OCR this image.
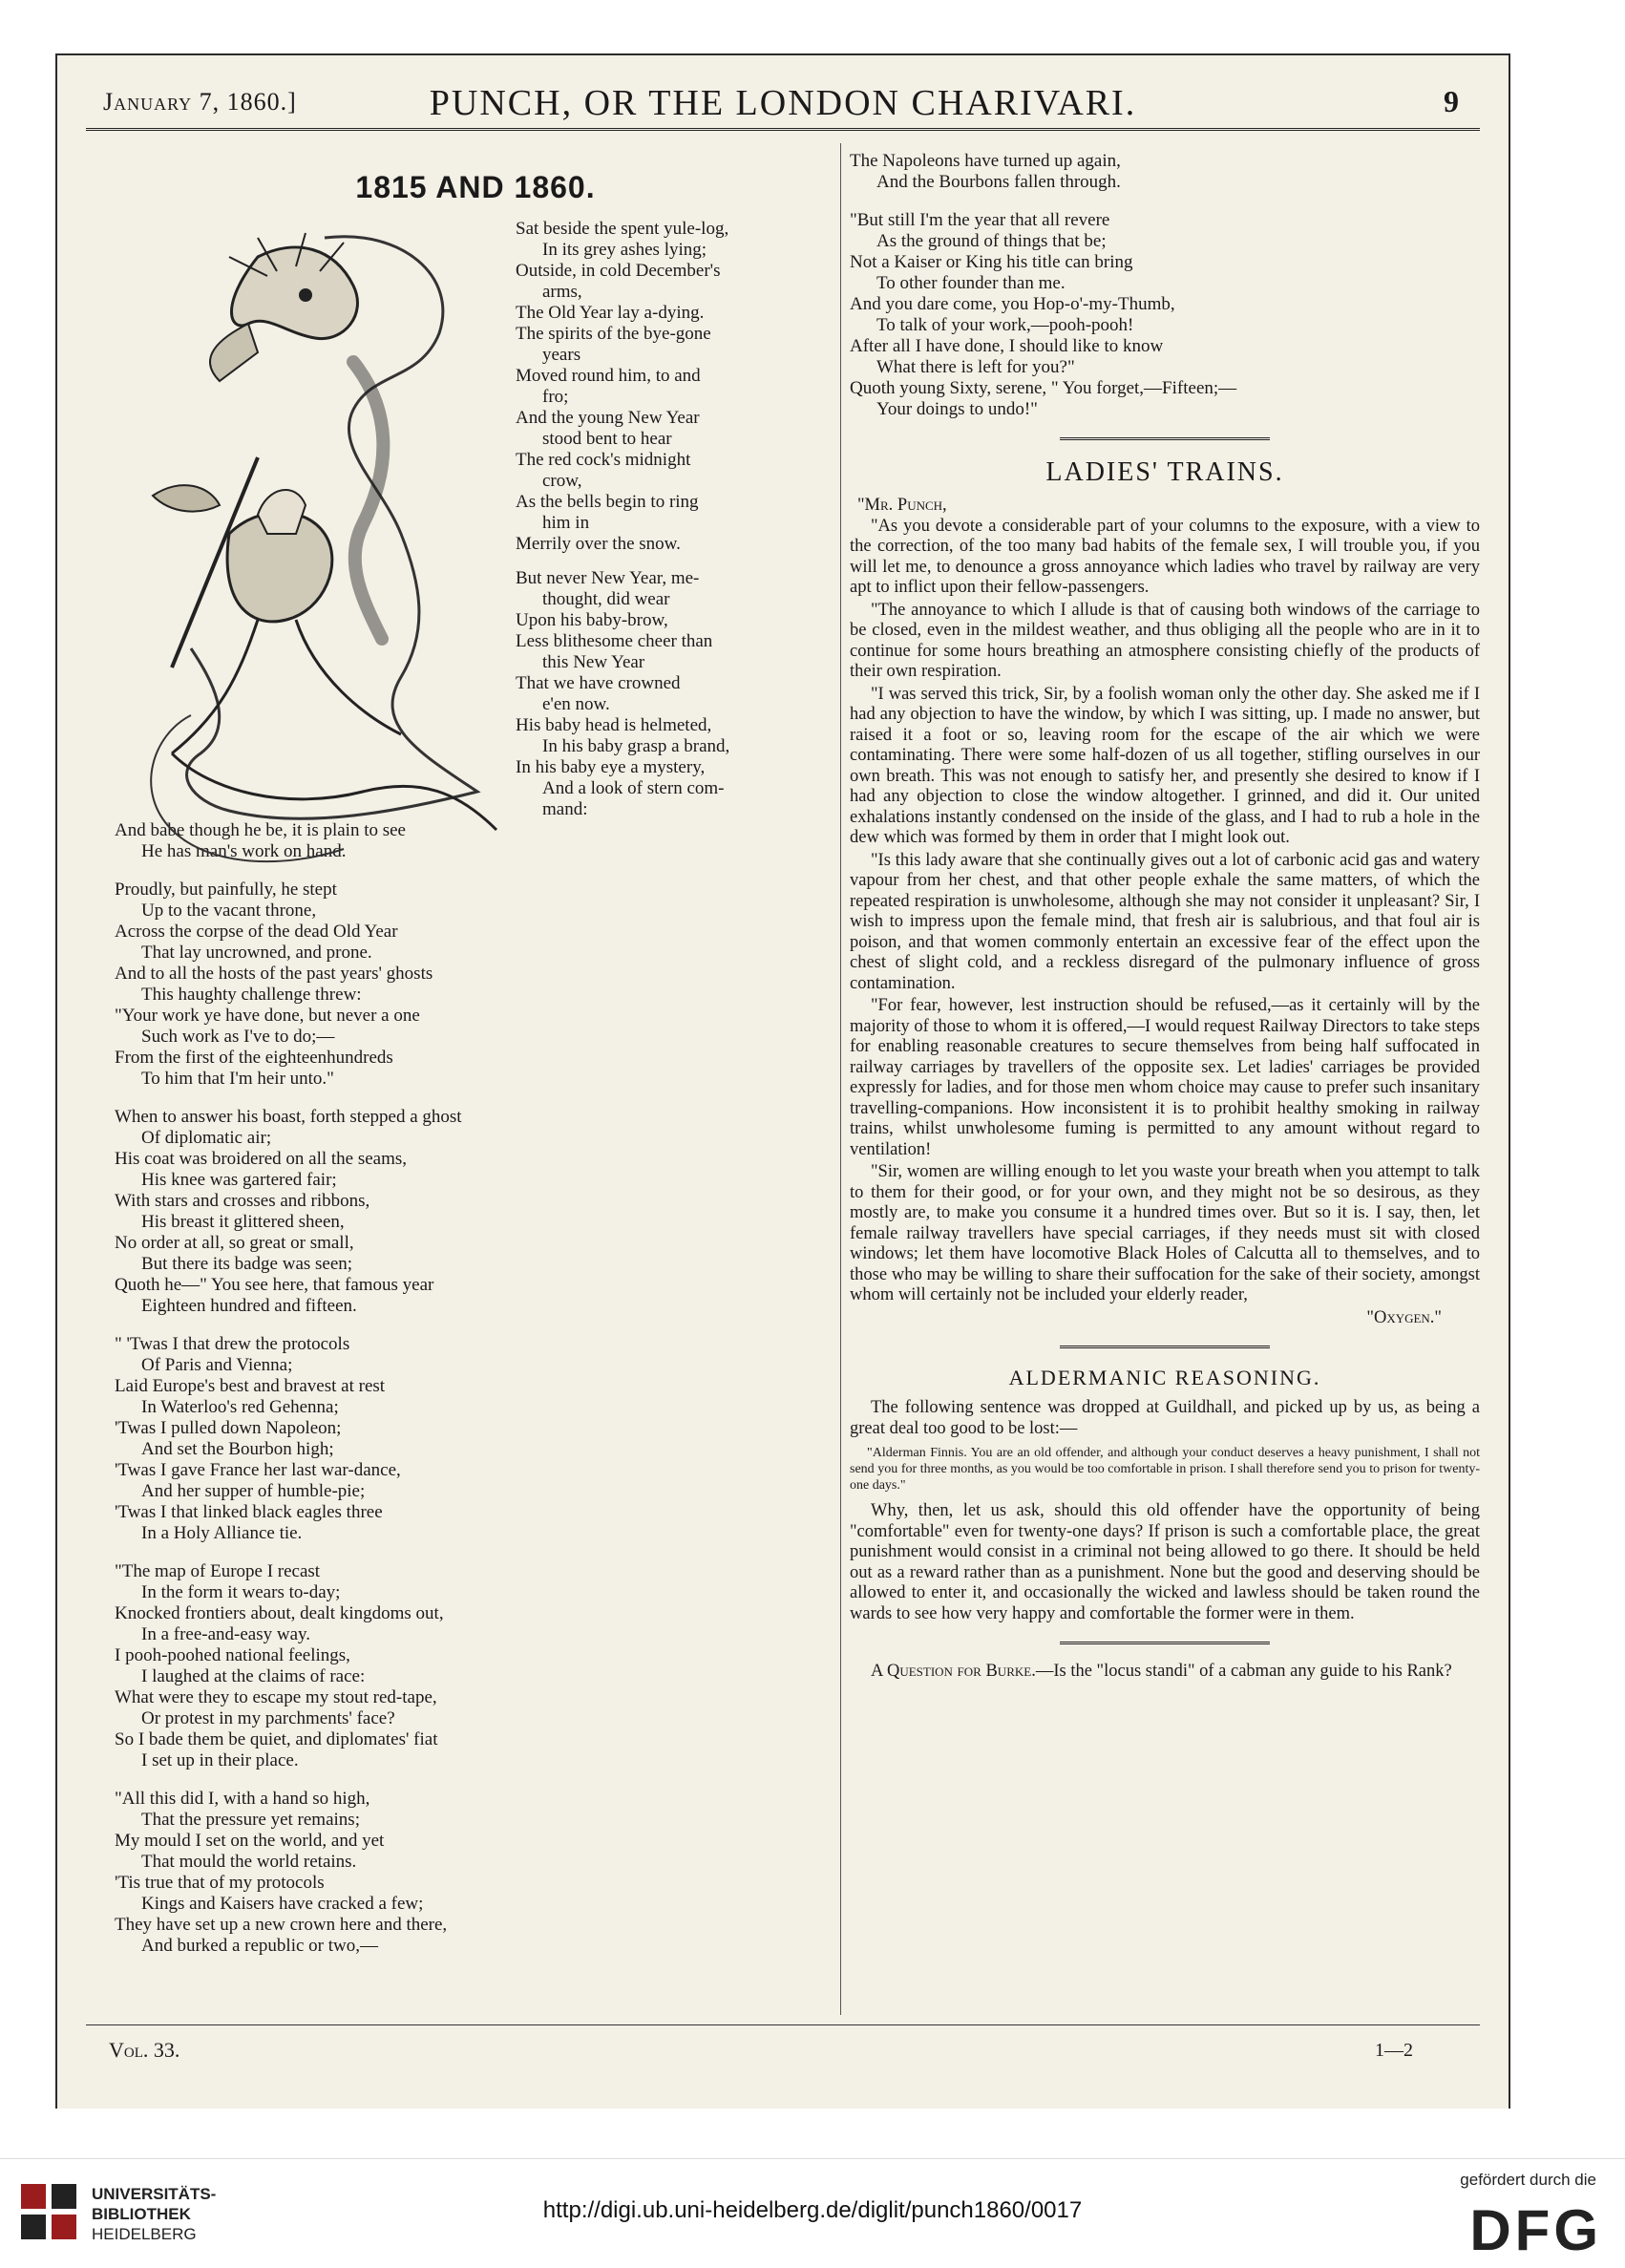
January 7, 1860.]	PUNCH, OR THE LONDON CHARIVARI.	9
1815 AND 1860.
Sat beside the spent yule-log,
In its grey ashes lying;
Outside, in cold December's
arms,
The Old Year lay a-dying.
The spirits of the bye-gone
years
Moved round him, to and
fro;
And the young New Year
stood bent to hear
The red cock's midnight
crow,
As the bells begin to ring
him in
Merrily over the snow.

But never New Year, me-
thought, did wear
Upon his baby-brow,
Less blithesome cheer than
this New Year
That we have crowned
e'en now.
His baby head is helmeted,
In his baby grasp a brand,
In his baby eye a mystery,
And a look of stern com-
mand:
And babe though he be, it is plain to see
He has man's work on hand.
Proudly, but painfully, he stept
Up to the vacant throne,
Across the corpse of the dead Old Year
That lay uncrowned, and prone.
And to all the hosts of the past years' ghosts
This haughty challenge threw:
"Your work ye have done, but never a one
Such work as I've to do;—
From the first of the eighteenhundreds
To him that I'm heir unto."
When to answer his boast, forth stepped a ghost
Of diplomatic air;
His coat was broidered on all the seams,
His knee was gartered fair;
With stars and crosses and ribbons,
His breast it glittered sheen,
No order at all, so great or small,
But there its badge was seen;
Quoth he—" You see here, that famous year
Eighteen hundred and fifteen.
" 'Twas I that drew the protocols
Of Paris and Vienna;
Laid Europe's best and bravest at rest
In Waterloo's red Gehenna;
'Twas I pulled down Napoleon;
And set the Bourbon high;
'Twas I gave France her last war-dance,
And her supper of humble-pie;
'Twas I that linked black eagles three
In a Holy Alliance tie.
"The map of Europe I recast
In the form it wears to-day;
Knocked frontiers about, dealt kingdoms out,
In a free-and-easy way.
I pooh-poohed national feelings,
I laughed at the claims of race:
What were they to escape my stout red-tape,
Or protest in my parchments' face?
So I bade them be quiet, and diplomates' fiat
I set up in their place.
"All this did I, with a hand so high,
That the pressure yet remains;
My mould I set on the world, and yet
That mould the world retains.
'Tis true that of my protocols
Kings and Kaisers have cracked a few;
They have set up a new crown here and there,
And burked a republic or two,—
The Napoleons have turned up again,
And the Bourbons fallen through.
"But still I'm the year that all revere
As the ground of things that be;
Not a Kaiser or King his title can bring
To other founder than me.
And you dare come, you Hop-o'-my-Thumb,
To talk of your work,—pooh-pooh!
After all I have done, I should like to know
What there is left for you?"
Quoth young Sixty, serene, " You forget,—Fifteen;—
Your doings to undo!"
LADIES' TRAINS.
"Mr. Punch,

"As you devote a considerable part of your columns to the exposure, with a view to the correction, of the too many bad habits of the female sex, I will trouble you, if you will let me, to denounce a gross annoyance which ladies who travel by railway are very apt to inflict upon their fellow-passengers.

"The annoyance to which I allude is that of causing both windows of the carriage to be closed, even in the mildest weather, and thus obliging all the people who are in it to continue for some hours breathing an atmosphere consisting chiefly of the products of their own respiration.

"I was served this trick, Sir, by a foolish woman only the other day. She asked me if I had any objection to have the window, by which I was sitting, up. I made no answer, but raised it a foot or so, leaving room for the escape of the air which we were contaminating. There were some half-dozen of us all together, stifling ourselves in our own breath. This was not enough to satisfy her, and presently she desired to know if I had any objection to close the window altogether. I grinned, and did it. Our united exhalations instantly condensed on the inside of the glass, and I had to rub a hole in the dew which was formed by them in order that I might look out.

"Is this lady aware that she continually gives out a lot of carbonic acid gas and watery vapour from her chest, and that other people exhale the same matters, of which the repeated respiration is unwholesome, although she may not consider it unpleasant? Sir, I wish to impress upon the female mind, that fresh air is salubrious, and that foul air is poison, and that women commonly entertain an excessive fear of the effect upon the chest of slight cold, and a reckless disregard of the pulmonary influence of gross contamination.

"For fear, however, lest instruction should be refused,—as it certainly will by the majority of those to whom it is offered,—I would request Railway Directors to take steps for enabling reasonable creatures to secure themselves from being half suffocated in railway carriages by travellers of the opposite sex. Let ladies' carriages be provided expressly for ladies, and for those men whom choice may cause to prefer such insanitary travelling-companions. How inconsistent it is to prohibit healthy smoking in railway trains, whilst unwholesome fuming is permitted to any amount without regard to ventilation!

"Sir, women are willing enough to let you waste your breath when you attempt to talk to them for their good, or for your own, and they might not be so desirous, as they mostly are, to make you consume it a hundred times over. But so it is. I say, then, let female railway travellers have special carriages, if they needs must sit with closed windows; let them have locomotive Black Holes of Calcutta all to themselves, and to those who may be willing to share their suffocation for the sake of their society, amongst whom will certainly not be included your elderly reader,

"Oxygen."
ALDERMANIC REASONING.

The following sentence was dropped at Guildhall, and picked up by us, as being a great deal too good to be lost:—

"Alderman Finnis. You are an old offender, and although your conduct deserves a heavy punishment, I shall not send you for three months, as you would be too comfortable in prison. I shall therefore send you to prison for twenty-one days."

Why, then, let us ask, should this old offender have the opportunity of being "comfortable" even for twenty-one days? If prison is such a comfortable place, the great punishment would consist in a criminal not being allowed to go there. It should be held out as a reward rather than as a punishment. None but the good and deserving should be allowed to enter it, and occasionally the wicked and lawless should be taken round the wards to see how very happy and comfortable the former were in them.

A Question for Burke.—Is the "locus standi" of a cabman any guide to his Rank?

Vol. 33.	1—2
UNIVERSITÄTS-
BIBLIOTHEK
HEIDELBERG
http://digi.ub.uni-heidelberg.de/diglit/punch1860/0017
gefördert durch die
DFG
